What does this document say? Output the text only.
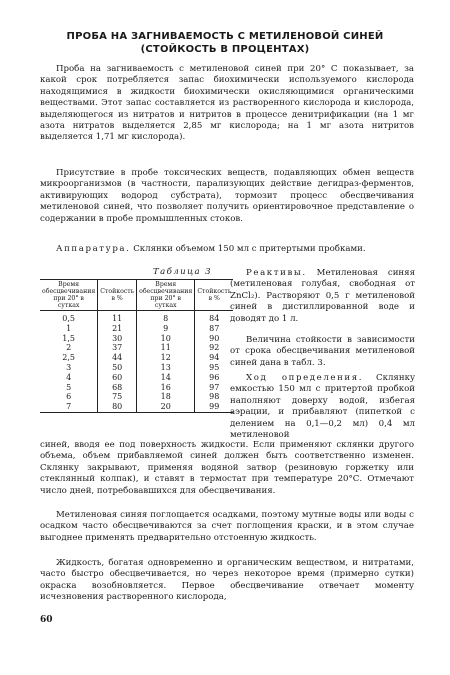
ПРОБА НА ЗАГНИВАЕМОСТЬ С МЕТИЛЕНОВОЙ СИНЕЙ
(СТОЙКОСТЬ В ПРОЦЕНТАХ)

Проба на загниваемость с метиленовой синей при 20° С показывает, за какой срок потребляется запас биохимически используемого кислорода находящимися в жидкости биохимически окисляющимися органическими веществами. Этот запас составляется из растворенного кислорода и кислорода, выделяющегося из нитратов и нитритов в процессе денитрификации (на 1 мг азота нитратов выделяется 2,85 мг кислорода; на 1 мг азота нитритов выделяется 1,71 мг кислорода).

Присутствие в пробе токсических веществ, подавляющих обмен веществ микроорганизмов (в частности, парализующих действие дегидраз-ферментов, активирующих водород субстрата), тормозит процесс обесцвечивания метиленовой синей, что позволяет получить ориентировочное представление о содержании в пробе промышленных стоков.

Аппаратура. Склянки объемом 150 мл с притертыми пробками.

Таблица 3
Время обесцвечивания при 20° в сутках	Стойкость в %	Время обесцвечивания при 20° в сутках	Стойкость в %
0,5	11	8	84
1	21	9	87
1,5	30	10	90
2	37	11	92
2,5	44	12	94
3	50	13	95
4	60	14	96
5	68	16	97
6	75	18	98
7	80	20	99

Реактивы. Метиленовая синяя (метиленовая голубая, свободная от ZnCl₂). Растворяют 0,5 г метиленовой синей в дистиллированной воде и доводят до 1 л.

Величина стойкости в зависимости от срока обесцвечивания метиленовой синей дана в табл. 3.

Ход определения. Склянку емкостью 150 мл с притертой пробкой наполняют доверху водой, избегая аэрации, и прибавляют (пипеткой с делением на 0,1—0,2 мл) 0,4 мл метиленовой

синей, вводя ее под поверхность жидкости. Если применяют склянки другого объема, объем прибавляемой синей должен быть соответственно изменен. Склянку закрывают, применяя водяной затвор (резиновую горжетку или стеклянный колпак), и ставят в термостат при температуре 20°С. Отмечают число дней, потребовавшихся для обесцвечивания.

Метиленовая синяя поглощается осадками, поэтому мутные воды или воды с осадком часто обесцвечиваются за счет поглощения краски, и в этом случае выгоднее применять предварительно отстоенную жидкость.

Жидкость, богатая одновременно и органическим веществом, и нитратами, часто быстро обесцвечивается, но через некоторое время (примерно сутки) окраска возобновляется. Первое обесцвечивание отвечает моменту исчезновения растворенного кислорода,

60
